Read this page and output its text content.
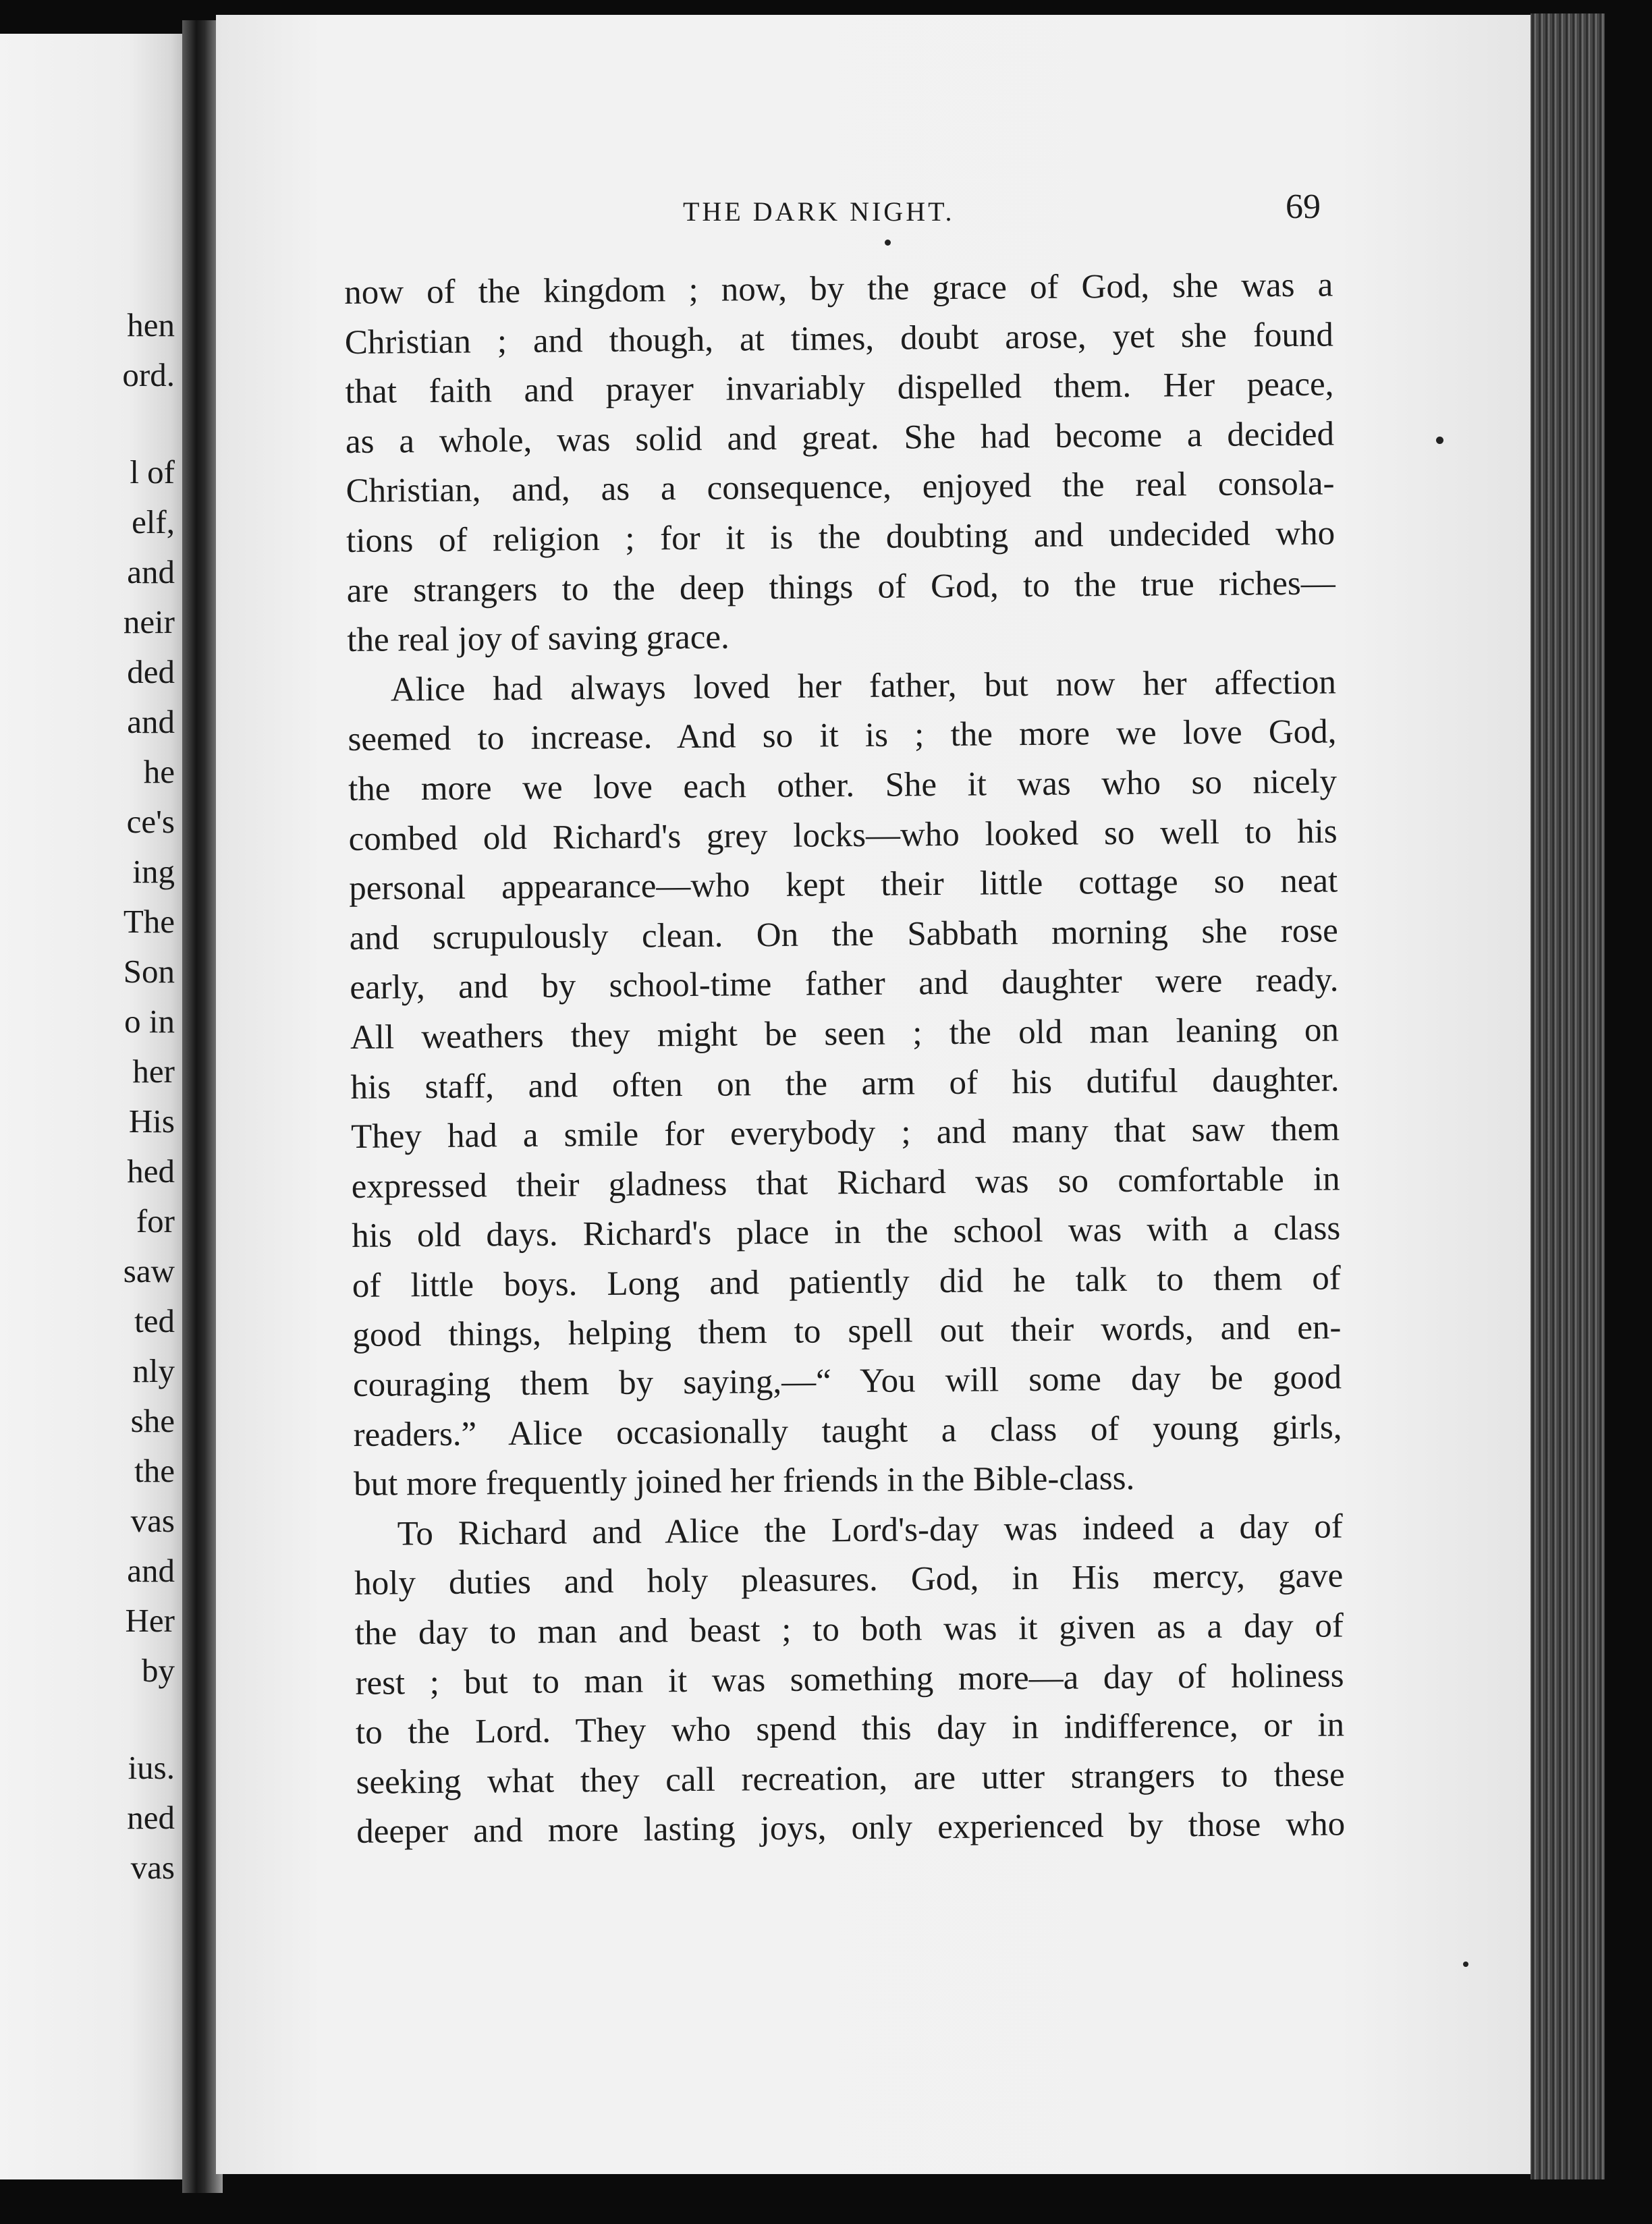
hen
ord.
l of
elf,
and
neir
ded
and
he
ce's
ing
The
Son
o in
her
His
hed
for
saw
ted
nly
she
the
vas
and
Her
by
ius.
ned
vas
THE DARK NIGHT.	69
now of the kingdom ; now, by the grace of God, she was a
Christian ; and though, at times, doubt arose, yet she found
that faith and prayer invariably dispelled them. Her peace,
as a whole, was solid and great. She had become a decided
Christian, and, as a consequence, enjoyed the real consola-
tions of religion ; for it is the doubting and undecided who
are strangers to the deep things of God, to the true riches—
the real joy of saving grace.
Alice had always loved her father, but now her affection
seemed to increase. And so it is ; the more we love God,
the more we love each other. She it was who so nicely
combed old Richard's grey locks—who looked so well to his
personal appearance—who kept their little cottage so neat
and scrupulously clean. On the Sabbath morning she rose
early, and by school-time father and daughter were ready.
All weathers they might be seen ; the old man leaning on
his staff, and often on the arm of his dutiful daughter.
They had a smile for everybody ; and many that saw them
expressed their gladness that Richard was so comfortable in
his old days. Richard's place in the school was with a class
of little boys. Long and patiently did he talk to them of
good things, helping them to spell out their words, and en-
couraging them by saying,—“ You will some day be good
readers.” Alice occasionally taught a class of young girls,
but more frequently joined her friends in the Bible-class.
To Richard and Alice the Lord's-day was indeed a day of
holy duties and holy pleasures. God, in His mercy, gave
the day to man and beast ; to both was it given as a day of
rest ; but to man it was something more—a day of holiness
to the Lord. They who spend this day in indifference, or in
seeking what they call recreation, are utter strangers to these
deeper and more lasting joys, only experienced by those who
